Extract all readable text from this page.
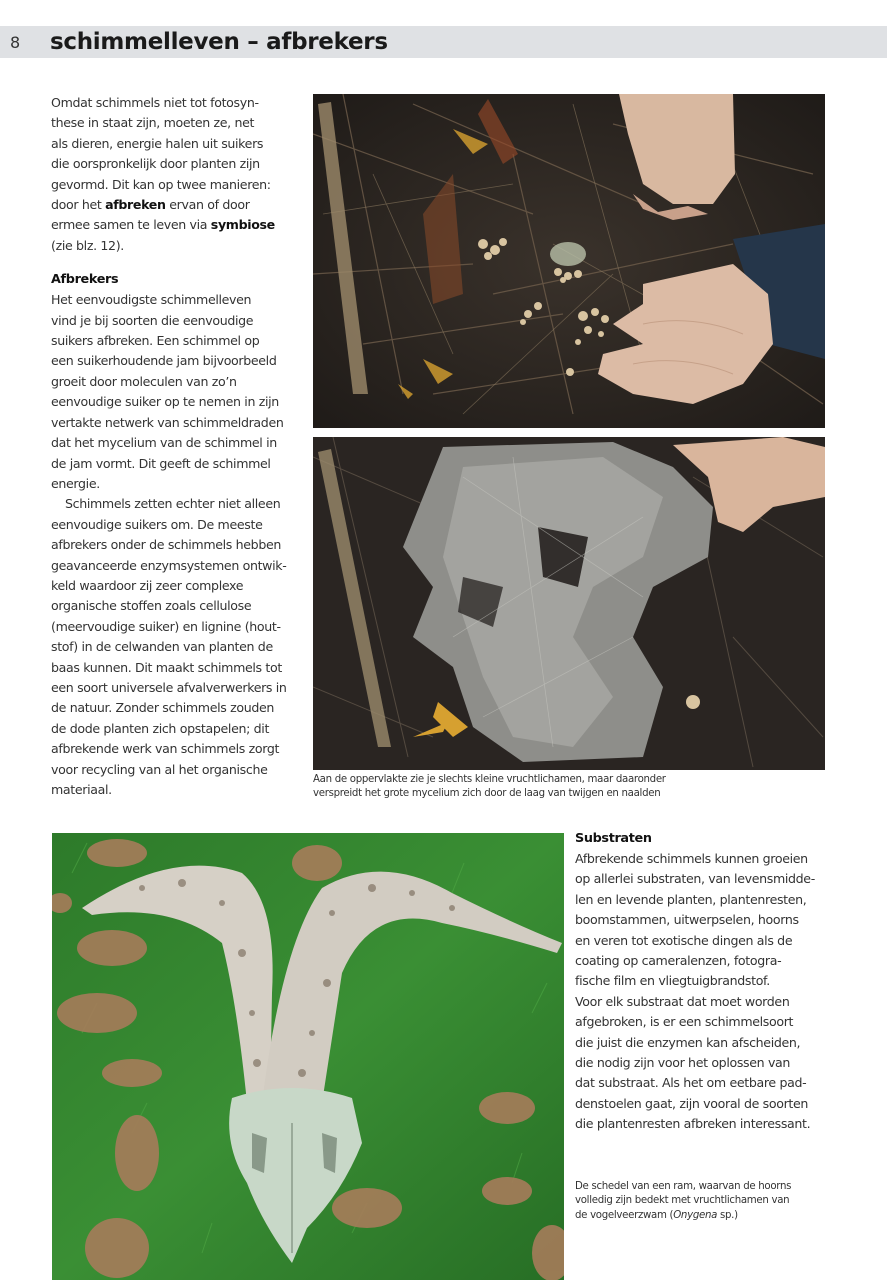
8 schimmelleven – afbrekers

Omdat schimmels niet tot fotosyn-
these in staat zijn, moeten ze, net
als dieren, energie halen uit suikers
die oorspronkelijk door planten zijn
gevormd. Dit kan op twee manieren:
door het afbreken ervan of door
ermee samen te leven via symbiose
(zie blz. 12).

Afbrekers

Het eenvoudigste schimmelleven
vind je bij soorten die eenvoudige
suikers afbreken. Een schimmel op
een suikerhoudende jam bijvoorbeeld
groeit door moleculen van zo’n
eenvoudige suiker op te nemen in zijn
vertakte netwerk van schimmeldraden
dat het mycelium van de schimmel in
de jam vormt. Dit geeft de schimmel
energie.

Schimmels zetten echter niet alleen
eenvoudige suikers om. De meeste
afbrekers onder de schimmels hebben
geavanceerde enzymsystemen ontwik-
keld waardoor zij zeer complexe
organische stoffen zoals cellulose
(meervoudige suiker) en lignine (hout-
stof) in de celwanden van planten de
baas kunnen. Dit maakt schimmels tot
een soort universele afvalverwerkers in
de natuur. Zonder schimmels zouden
de dode planten zich opstapelen; dit
afbrekende werk van schimmels zorgt
voor recycling van al het organische
materiaal.

Aan de oppervlakte zie je slechts kleine vruchtlichamen, maar daaronder
verspreidt het grote mycelium zich door de laag van twijgen en naalden
Substraten

Afbrekende schimmels kunnen groeien
op allerlei substraten, van levensmidde-
len en levende planten, plantenresten,
boomstammen, uitwerpselen, hoorns
en veren tot exotische dingen als de
coating op cameralenzen, fotogra-
fische film en vliegtuigbrandstof.
Voor elk substraat dat moet worden
afgebroken, is er een schimmelsoort
die juist die enzymen kan afscheiden,
die nodig zijn voor het oplossen van
dat substraat. Als het om eetbare pad-
denstoelen gaat, zijn vooral de soorten
die plantenresten afbreken interessant.

De schedel van een ram, waarvan de hoorns
volledig zijn bedekt met vruchtlichamen van
de vogelveerzwam (Onygena sp.)
